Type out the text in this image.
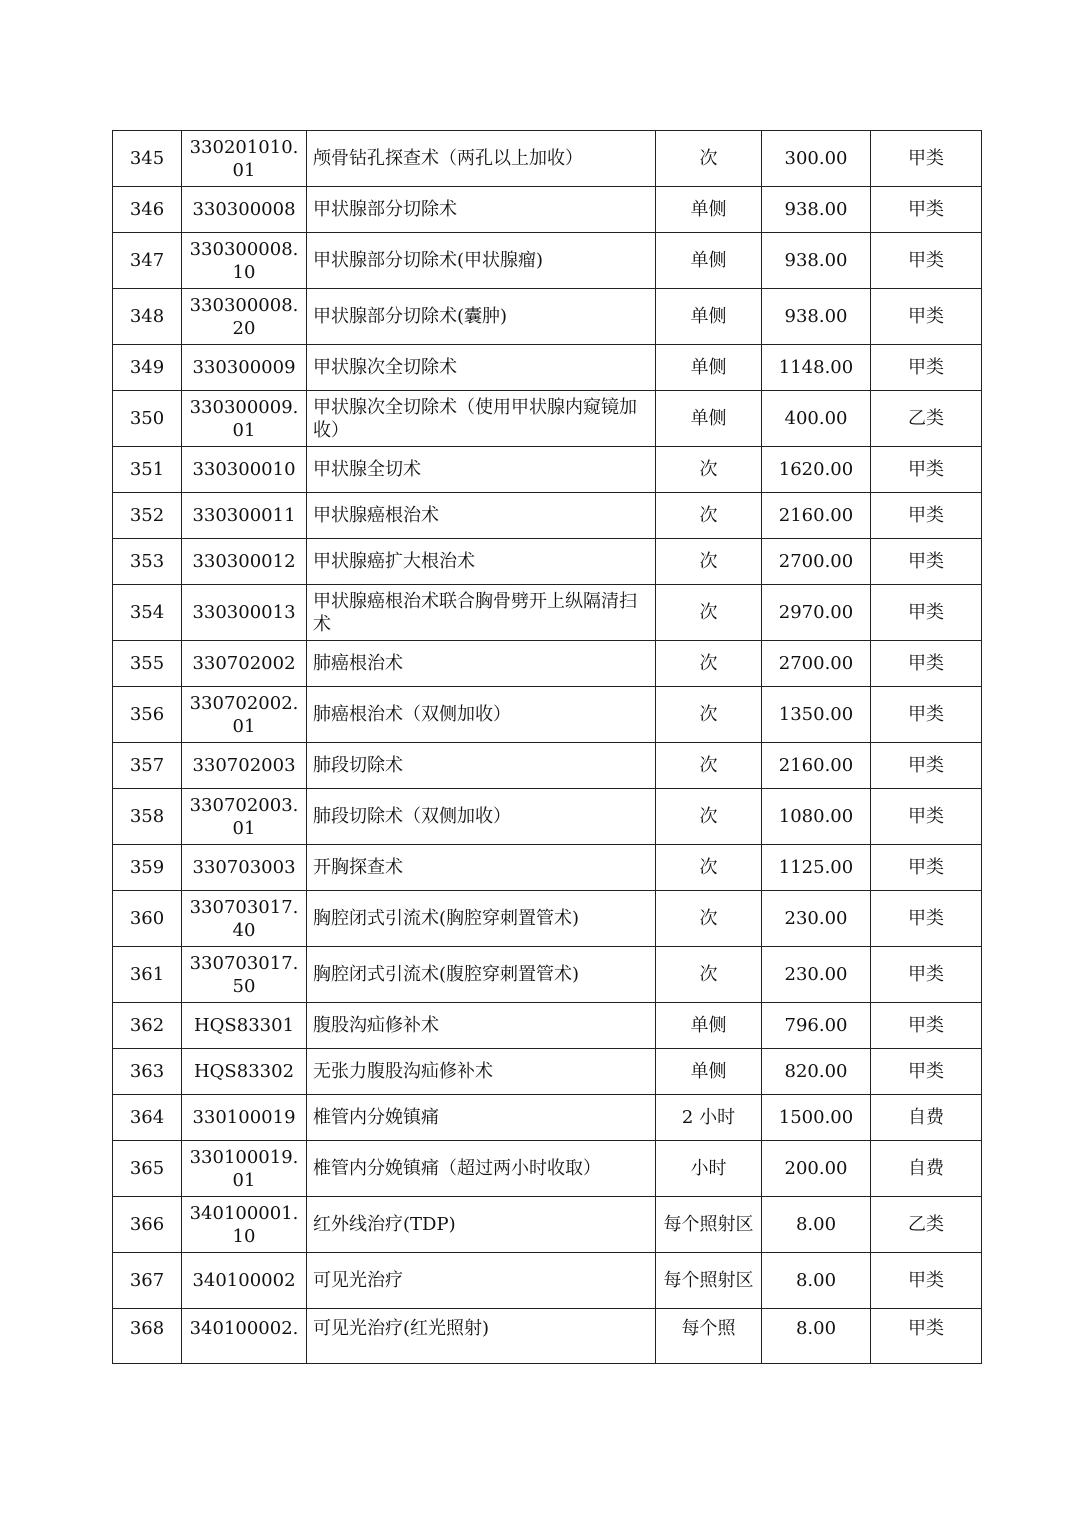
345	330201010.01	颅骨钻孔探查术（两孔以上加收）	次	300.00	甲类
346	330300008	甲状腺部分切除术	单侧	938.00	甲类
347	330300008.10	甲状腺部分切除术(甲状腺瘤)	单侧	938.00	甲类
348	330300008.20	甲状腺部分切除术(囊肿)	单侧	938.00	甲类
349	330300009	甲状腺次全切除术	单侧	1148.00	甲类
350	330300009.01	甲状腺次全切除术（使用甲状腺内窥镜加收）	单侧	400.00	乙类
351	330300010	甲状腺全切术	次	1620.00	甲类
352	330300011	甲状腺癌根治术	次	2160.00	甲类
353	330300012	甲状腺癌扩大根治术	次	2700.00	甲类
354	330300013	甲状腺癌根治术联合胸骨劈开上纵隔清扫术	次	2970.00	甲类
355	330702002	肺癌根治术	次	2700.00	甲类
356	330702002.01	肺癌根治术（双侧加收）	次	1350.00	甲类
357	330702003	肺段切除术	次	2160.00	甲类
358	330702003.01	肺段切除术（双侧加收）	次	1080.00	甲类
359	330703003	开胸探查术	次	1125.00	甲类
360	330703017.40	胸腔闭式引流术(胸腔穿刺置管术)	次	230.00	甲类
361	330703017.50	胸腔闭式引流术(腹腔穿刺置管术)	次	230.00	甲类
362	HQS83301	腹股沟疝修补术	单侧	796.00	甲类
363	HQS83302	无张力腹股沟疝修补术	单侧	820.00	甲类
364	330100019	椎管内分娩镇痛	2 小时	1500.00	自费
365	330100019.01	椎管内分娩镇痛（超过两小时收取）	小时	200.00	自费
366	340100001.10	红外线治疗(TDP)	每个照射区	8.00	乙类
367	340100002	可见光治疗	每个照射区	8.00	甲类
368	340100002.	可见光治疗(红光照射)	每个照	8.00	甲类
